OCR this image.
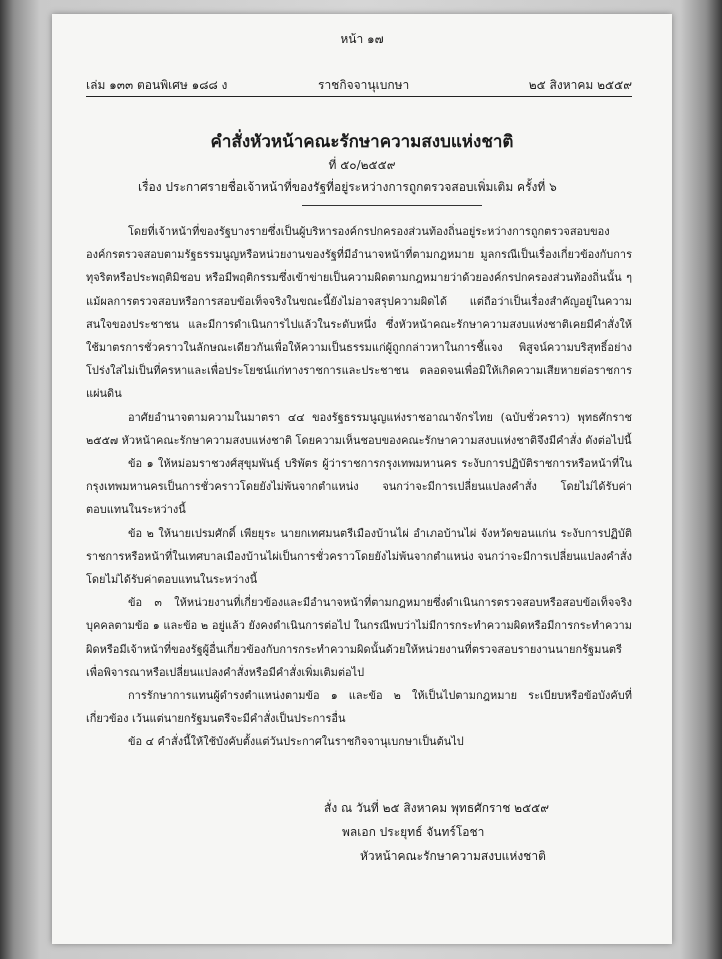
หน้า ๑๗
เล่ม ๑๓๓ ตอนพิเศษ ๑๘๘ ง	ราชกิจจานุเบกษา	๒๕ สิงหาคม ๒๕๕๙
คำสั่งหัวหน้าคณะรักษาความสงบแห่งชาติ
ที่ ๕๐/๒๕๕๙
เรื่อง ประกาศรายชื่อเจ้าหน้าที่ของรัฐที่อยู่ระหว่างการถูกตรวจสอบเพิ่มเติม ครั้งที่ ๖

โดยที่เจ้าหน้าที่ของรัฐบางรายซึ่งเป็นผู้บริหารองค์กรปกครองส่วนท้องถิ่นอยู่ระหว่างการถูกตรวจสอบขององค์กรตรวจสอบตามรัฐธรรมนูญหรือหน่วยงานของรัฐที่มีอำนาจหน้าที่ตามกฎหมาย มูลกรณีเป็นเรื่องเกี่ยวข้องกับการทุจริตหรือประพฤติมิชอบ หรือมีพฤติกรรมซึ่งเข้าข่ายเป็นความผิดตามกฎหมายว่าด้วยองค์กรปกครองส่วนท้องถิ่นนั้น ๆ แม้ผลการตรวจสอบหรือการสอบข้อเท็จจริงในขณะนี้ยังไม่อาจสรุปความผิดได้ แต่ถือว่าเป็นเรื่องสำคัญอยู่ในความสนใจของประชาชน และมีการดำเนินการไปแล้วในระดับหนึ่ง ซึ่งหัวหน้าคณะรักษาความสงบแห่งชาติเคยมีคำสั่งให้ใช้มาตรการชั่วคราวในลักษณะเดียวกันเพื่อให้ความเป็นธรรมแก่ผู้ถูกกล่าวหาในการชี้แจง พิสูจน์ความบริสุทธิ์อย่างโปร่งใสไม่เป็นที่ครหาและเพื่อประโยชน์แก่ทางราชการและประชาชน ตลอดจนเพื่อมิให้เกิดความเสียหายต่อราชการแผ่นดิน

อาศัยอำนาจตามความในมาตรา ๔๔ ของรัฐธรรมนูญแห่งราชอาณาจักรไทย (ฉบับชั่วคราว) พุทธศักราช ๒๕๕๗ หัวหน้าคณะรักษาความสงบแห่งชาติ โดยความเห็นชอบของคณะรักษาความสงบแห่งชาติจึงมีคำสั่ง ดังต่อไปนี้

ข้อ ๑ ให้หม่อมราชวงศ์สุขุมพันธุ์ บริพัตร ผู้ว่าราชการกรุงเทพมหานคร ระงับการปฏิบัติราชการหรือหน้าที่ในกรุงเทพมหานครเป็นการชั่วคราวโดยยังไม่พ้นจากตำแหน่ง จนกว่าจะมีการเปลี่ยนแปลงคำสั่ง โดยไม่ได้รับค่าตอบแทนในระหว่างนี้

ข้อ ๒ ให้นายเปรมศักดิ์ เพียยุระ นายกเทศมนตรีเมืองบ้านไผ่ อำเภอบ้านไผ่ จังหวัดขอนแก่น ระงับการปฏิบัติราชการหรือหน้าที่ในเทศบาลเมืองบ้านไผ่เป็นการชั่วคราวโดยยังไม่พ้นจากตำแหน่ง จนกว่าจะมีการเปลี่ยนแปลงคำสั่ง โดยไม่ได้รับค่าตอบแทนในระหว่างนี้

ข้อ ๓ ให้หน่วยงานที่เกี่ยวข้องและมีอำนาจหน้าที่ตามกฎหมายซึ่งดำเนินการตรวจสอบหรือสอบข้อเท็จจริงบุคคลตามข้อ ๑ และข้อ ๒ อยู่แล้ว ยังคงดำเนินการต่อไป ในกรณีพบว่าไม่มีการกระทำความผิดหรือมีการกระทำความผิดหรือมีเจ้าหน้าที่ของรัฐผู้อื่นเกี่ยวข้องกับการกระทำความผิดนั้นด้วยให้หน่วยงานที่ตรวจสอบรายงานนายกรัฐมนตรีเพื่อพิจารณาหรือเปลี่ยนแปลงคำสั่งหรือมีคำสั่งเพิ่มเติมต่อไป

การรักษาการแทนผู้ดำรงตำแหน่งตามข้อ ๑ และข้อ ๒ ให้เป็นไปตามกฎหมาย ระเบียบหรือข้อบังคับที่เกี่ยวข้อง เว้นแต่นายกรัฐมนตรีจะมีคำสั่งเป็นประการอื่น

ข้อ ๔ คำสั่งนี้ให้ใช้บังคับตั้งแต่วันประกาศในราชกิจจานุเบกษาเป็นต้นไป

สั่ง ณ วันที่ ๒๕ สิงหาคม พุทธศักราช ๒๕๕๙
พลเอก ประยุทธ์ จันทร์โอชา
หัวหน้าคณะรักษาความสงบแห่งชาติ
